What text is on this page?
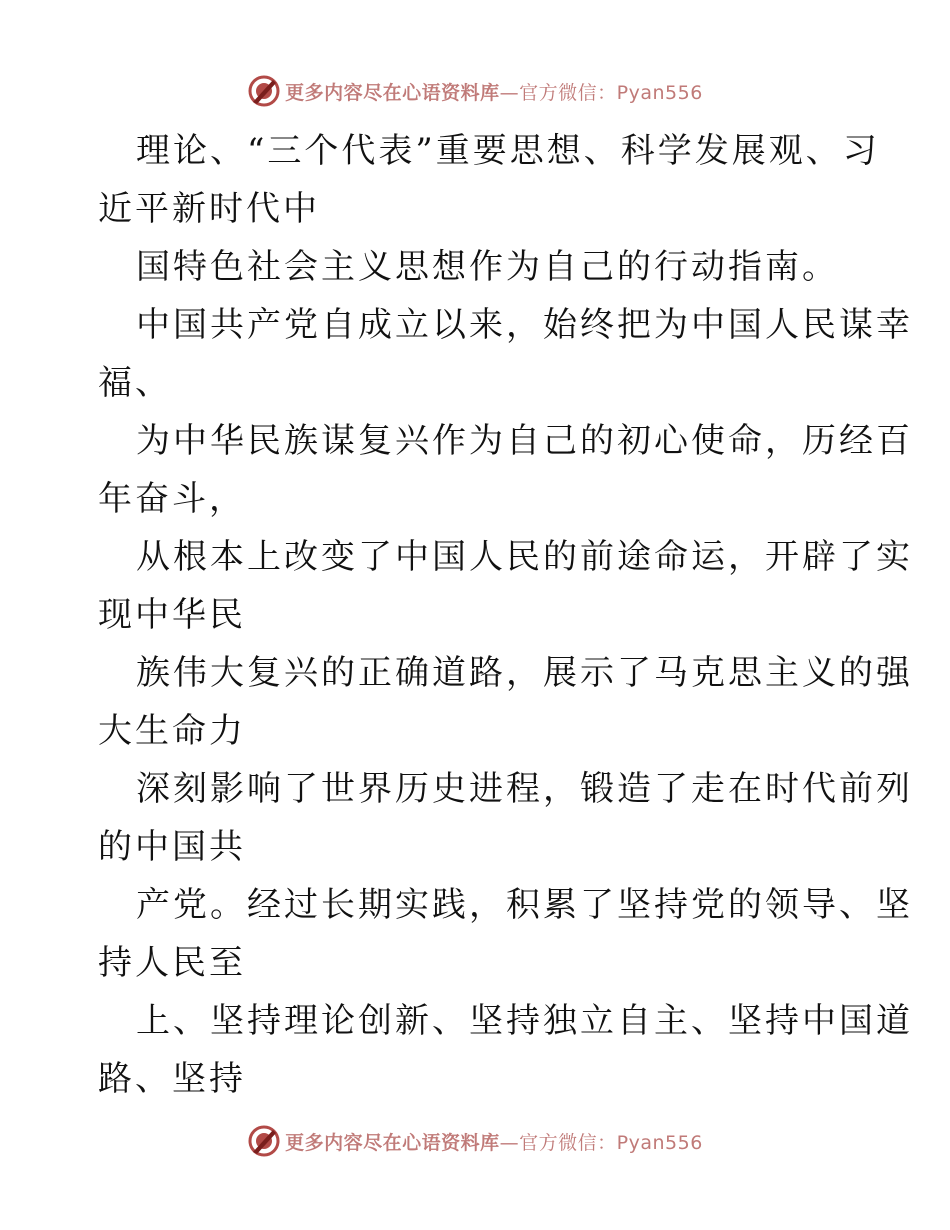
更多内容尽在心语资料库—官方微信：Pyan556
理论、“三个代表”重要思想、科学发展观、习
近平新时代中
国特色社会主义思想作为自己的行动指南。
中国共产党自成立以来，始终把为中国人民谋幸
福、
为中华民族谋复兴作为自己的初心使命，历经百
年奋斗，
从根本上改变了中国人民的前途命运，开辟了实
现中华民
族伟大复兴的正确道路，展示了马克思主义的强
大生命力
深刻影响了世界历史进程，锻造了走在时代前列
的中国共
产党。经过长期实践，积累了坚持党的领导、坚
持人民至
上、坚持理论创新、坚持独立自主、坚持中国道
路、坚持
更多内容尽在心语资料库—官方微信：Pyan556
